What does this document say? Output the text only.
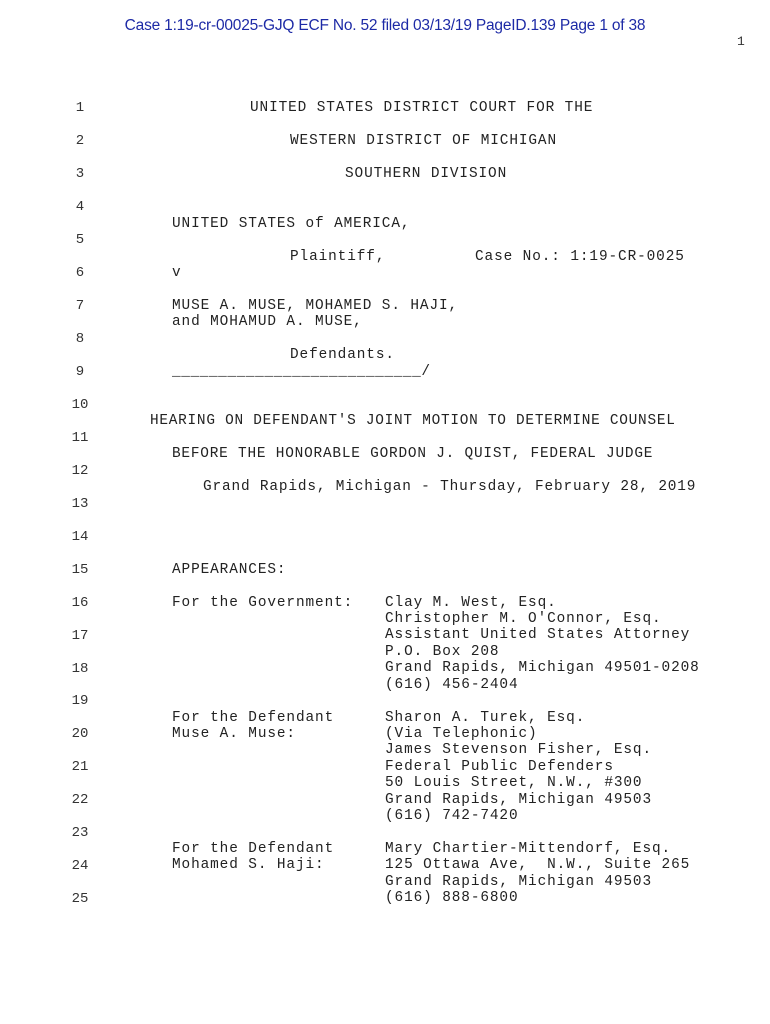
Case 1:19-cr-00025-GJQ ECF No. 52 filed 03/13/19 PageID.139 Page 1 of 38
1
1
2
3
4
5
6
7
8
9
10
11
12
13
14
15
16
17
18
19
20
21
22
23
24
25
UNITED STATES DISTRICT COURT FOR THE
WESTERN DISTRICT OF MICHIGAN
SOUTHERN DIVISION
UNITED STATES of AMERICA,
Plaintiff,	Case No.: 1:19-CR-0025
v
MUSE A. MUSE, MOHAMED S. HAJI,
and MOHAMUD A. MUSE,
Defendants.
___________________________/
HEARING ON DEFENDANT'S JOINT MOTION TO DETERMINE COUNSEL
BEFORE THE HONORABLE GORDON J. QUIST, FEDERAL JUDGE
Grand Rapids, Michigan - Thursday, February 28, 2019
APPEARANCES:
For the Government: Clay M. West, Esq.
Christopher M. O'Connor, Esq.
Assistant United States Attorney
P.O. Box 208
Grand Rapids, Michigan 49501-0208
(616) 456-2404
For the Defendant
Muse A. Muse:
Sharon A. Turek, Esq.
(Via Telephonic)
James Stevenson Fisher, Esq.
Federal Public Defenders
50 Louis Street, N.W., #300
Grand Rapids, Michigan 49503
(616) 742-7420
For the Defendant
Mohamed S. Haji:
Mary Chartier-Mittendorf, Esq.
125 Ottawa Ave,  N.W., Suite 265
Grand Rapids, Michigan 49503
(616) 888-6800
